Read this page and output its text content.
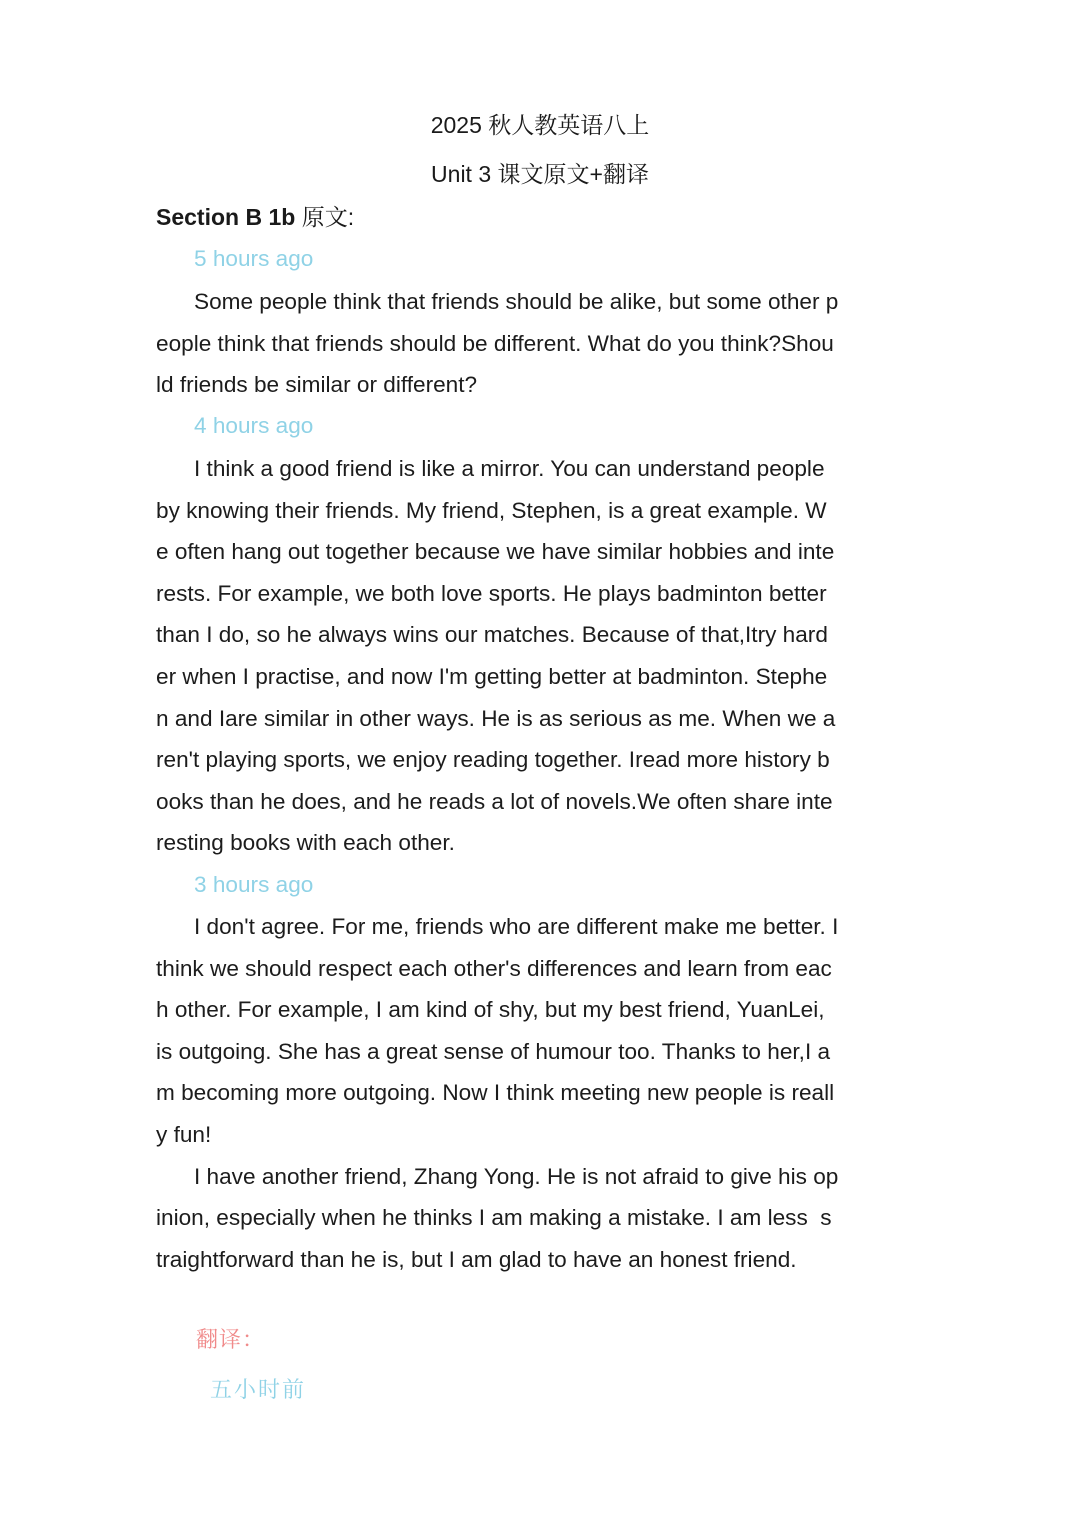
2025 秋人教英语八上
Unit 3 课文原文+翻译
Section B 1b 原文:
5 hours ago
Some people think that friends should be alike, but some other p
eople think that friends should be different. What do you think?Shou
ld friends be similar or different?
4 hours ago
I think a good friend is like a mirror. You can understand people
by knowing their friends. My friend, Stephen, is a great example. W
e often hang out together because we have similar hobbies and inte
rests. For example, we both love sports. He plays badminton better
than I do, so he always wins our matches. Because of that,Itry hard
er when I practise, and now I'm getting better at badminton. Stephe
n and Iare similar in other ways. He is as serious as me. When we a
ren't playing sports, we enjoy reading together. Iread more history b
ooks than he does, and he reads a lot of novels.We often share inte
resting books with each other.
3 hours ago
I don't agree. For me, friends who are different make me better. I
think we should respect each other's differences and learn from eac
h other. For example, I am kind of shy, but my best friend, YuanLei,
is outgoing. She has a great sense of humour too. Thanks to her,I a
m becoming more outgoing. Now I think meeting new people is reall
y fun!
I have another friend, Zhang Yong. He is not afraid to give his op
inion, especially when he thinks I am making a mistake. I am less  s
traightforward than he is, but I am glad to have an honest friend.
翻译：
五小时前
